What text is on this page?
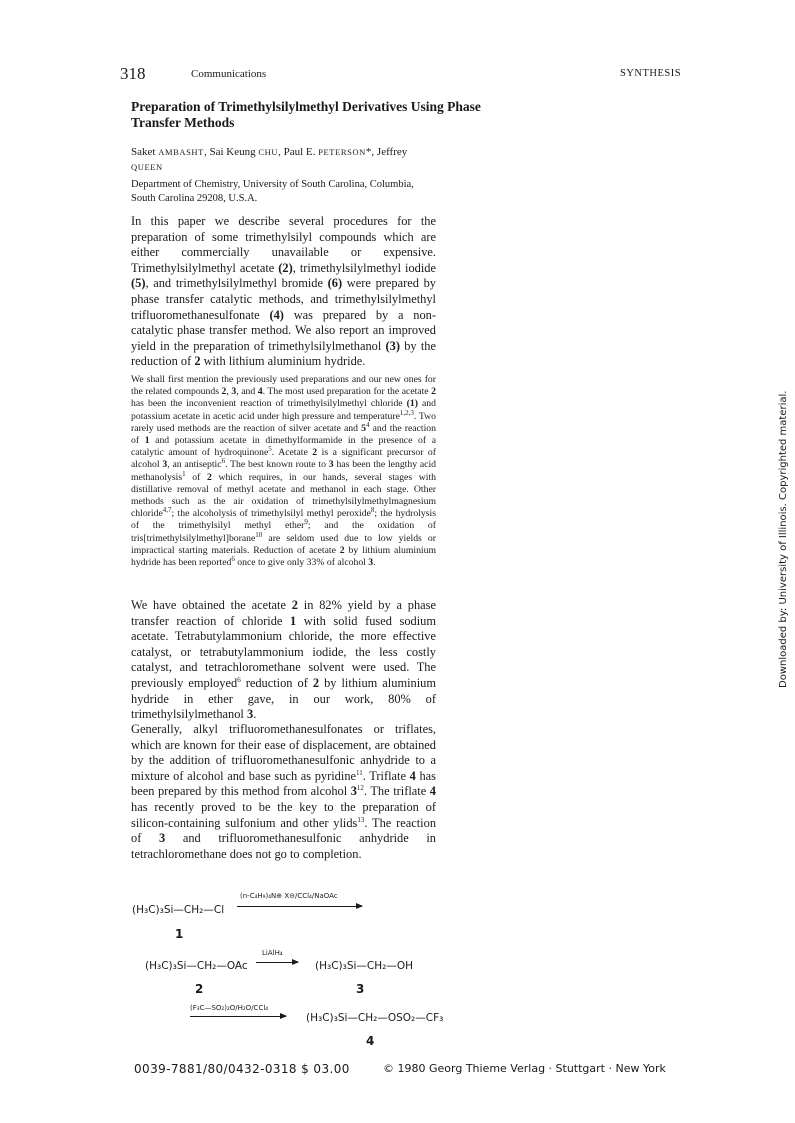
318	Communications	SYNTHESIS
Preparation of Trimethylsilylmethyl Derivatives Using Phase Transfer Methods
Saket AMBASHT, Sai Keung CHU, Paul E. PETERSON*, Jeffrey QUEEN
Department of Chemistry, University of South Carolina, Columbia, South Carolina 29208, U.S.A.
In this paper we describe several procedures for the preparation of some trimethylsilyl compounds which are either commercially unavailable or expensive. Trimethylsilylmethyl acetate (2), trimethylsilylmethyl iodide (5), and trimethylsilylmethyl bromide (6) were prepared by phase transfer catalytic methods, and trimethylsilylmethyl trifluoromethanesulfonate (4) was prepared by a non-catalytic phase transfer method. We also report an improved yield in the preparation of trimethylsilylmethanol (3) by the reduction of 2 with lithium aluminium hydride.
We shall first mention the previously used preparations and our new ones for the related compounds 2, 3, and 4. The most used preparation for the acetate 2 has been the inconvenient reaction of trimethylsilylmethyl chloride (1) and potassium acetate in acetic acid under high pressure and temperature$^{1,2,3}$. Two rarely used methods are the reaction of silver acetate and $5^4$ and the reaction of 1 and potassium acetate in dimethylformamide in the presence of a catalytic amount of hydroquinone$^5$. Acetate 2 is a significant precursor of alcohol 3, an antiseptic$^6$. The best known route to 3 has been the lengthy acid methanolysis$^1$ of 2 which requires, in our hands, several stages with distillative removal of methyl acetate and methanol in each stage. Other methods such as the air oxidation of trimethylsilylmethylmagnesium chloride$^{4,7}$; the alcoholysis of trimethylsilyl methyl peroxide$^8$; the hydrolysis of the trimethylsilyl methyl ether$^9$; and the oxidation of tris[trimethylsilylmethyl]borane$^{10}$ are seldom used due to low yields or impractical starting materials. Reduction of acetate 2 by lithium aluminium hydride has been reported$^6$ once to give only 33% of alcohol 3.
We have obtained the acetate 2 in 82% yield by a phase transfer reaction of chloride 1 with solid fused sodium acetate. Tetrabutylammonium chloride, the more effective catalyst, or tetrabutylammonium iodide, the less costly catalyst, and tetrachloromethane solvent were used. The previously employed$^6$ reduction of 2 by lithium aluminium hydride in ether gave, in our work, 80% of trimethylsilylmethanol 3.
Generally, alkyl trifluoromethanesulfonates or triflates, which are known for their ease of displacement, are obtained by the addition of trifluoromethanesulfonic anhydride to a mixture of alcohol and base such as pyridine$^{11}$. Triflate 4 has been prepared by this method from alcohol $3^{12}$. The triflate 4 has recently proved to be the key to the preparation of silicon-containing sulfonium and other ylids$^{13}$. The reaction of 3 and trifluoromethanesulfonic anhydride in tetrachloromethane does not go to completion.
(H₃C)₃Si—CH₂—Cl
(n-C₄H₉)₄N⊕ X⊖/CCl₄/NaOAc
1
(H₃C)₃Si—CH₂—OAc
LiAlH₄
→ (H₃C)₃Si—CH₂—OH
2	3
(F₃C—SO₂)₂O/H₂O/CCl₄
(H₃C)₃Si—CH₂—OSO₂—CF₃
4
0039-7881/80/0432-0318 $ 03.00	© 1980 Georg Thieme Verlag · Stuttgart · New York
Downloaded by: University of Illinois. Copyrighted material.
